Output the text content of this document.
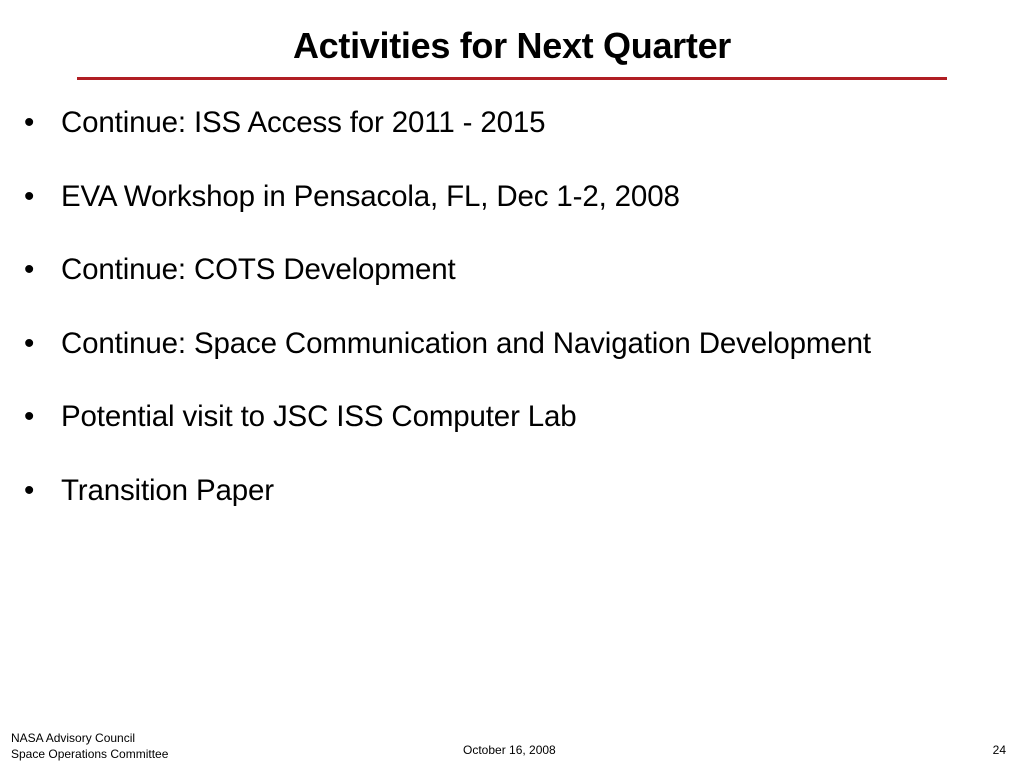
Activities for Next Quarter
• Continue: ISS Access for 2011 - 2015
• EVA Workshop in Pensacola, FL, Dec 1-2, 2008
• Continue: COTS Development
• Continue: Space Communication and Navigation Development
• Potential visit to JSC ISS Computer Lab
• Transition Paper
NASA Advisory Council
Space Operations Committee	October 16, 2008	24
